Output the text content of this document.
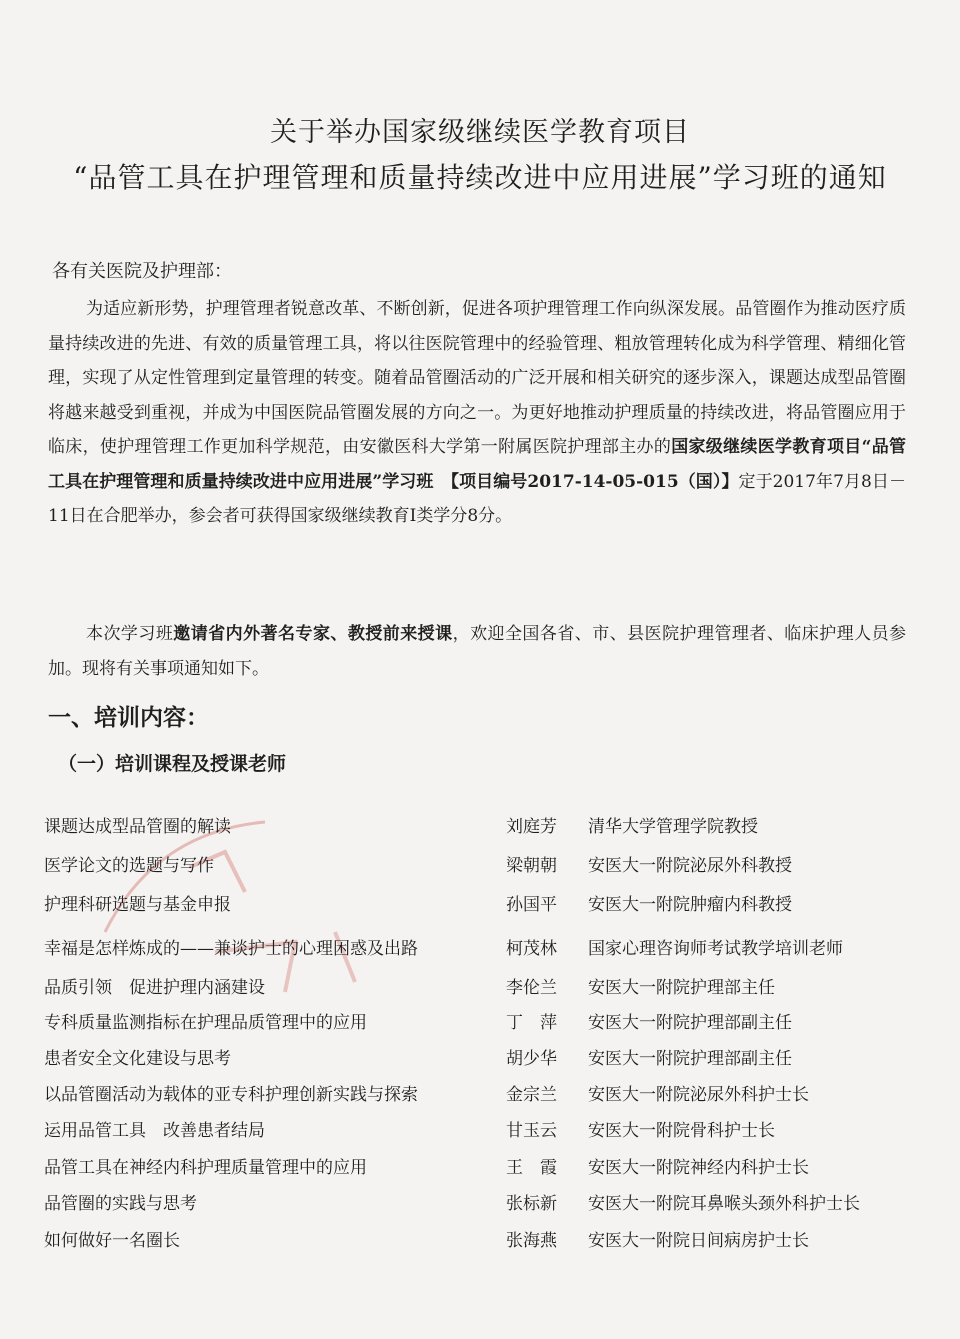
关于举办国家级继续医学教育项目
“品管工具在护理管理和质量持续改进中应用进展”学习班的通知
各有关医院及护理部：
为适应新形势，护理管理者锐意改革、不断创新，促进各项护理管理工作向纵深发展。品管圈作为推动医疗质量持续改进的先进、有效的质量管理工具，将以往医院管理中的经验管理、粗放管理转化成为科学管理、精细化管理，实现了从定性管理到定量管理的转变。随着品管圈活动的广泛开展和相关研究的逐步深入，课题达成型品管圈将越来越受到重视，并成为中国医院品管圈发展的方向之一。为更好地推动护理质量的持续改进，将品管圈应用于临床，使护理管理工作更加科学规范，由安徽医科大学第一附属医院护理部主办的国家级继续医学教育项目“品管工具在护理管理和质量持续改进中应用进展”学习班　 【项目编号2017-14-05-015（国）】定于2017年7月8日－11日在合肥举办，参会者可获得国家级继续教育I类学分8分。
本次学习班邀请省内外著名专家、教授前来授课，欢迎全国各省、市、县医院护理管理者、临床护理人员参加。现将有关事项通知如下。
一、培训内容：
（一）培训课程及授课老师
课题达成型品管圈的解读	刘庭芳 清华大学管理学院教授
医学论文的选题与写作	梁朝朝 安医大一附院泌尿外科教授
护理科研选题与基金申报	孙国平 安医大一附院肿瘤内科教授
幸福是怎样炼成的——兼谈护士的心理困惑及出路	柯茂林 国家心理咨询师考试教学培训老师
品质引领　促进护理内涵建设	李伦兰 安医大一附院护理部主任
专科质量监测指标在护理品质管理中的应用	丁　萍 安医大一附院护理部副主任
患者安全文化建设与思考	胡少华 安医大一附院护理部副主任
以品管圈活动为载体的亚专科护理创新实践与探索	金宗兰 安医大一附院泌尿外科护士长
运用品管工具　改善患者结局	甘玉云 安医大一附院骨科护士长
品管工具在神经内科护理质量管理中的应用	王　霞 安医大一附院神经内科护士长
品管圈的实践与思考	张标新 安医大一附院耳鼻喉头颈外科护士长
如何做好一名圈长	张海燕 安医大一附院日间病房护士长
